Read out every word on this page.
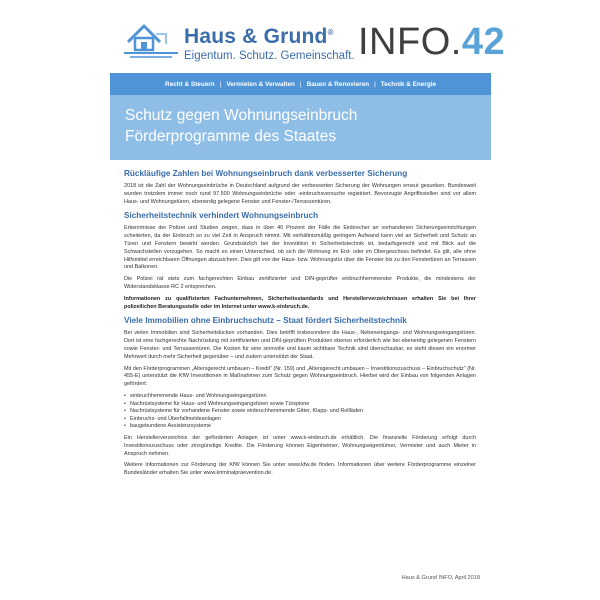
Haus & Grund®
Eigentum. Schutz. Gemeinschaft. INFO.42
Recht & Steuern | Vermieten & Verwalten | Bauen & Renovieren | Technik & Energie
Schutz gegen Wohnungseinbruch
Förderprogramme des Staates
Rückläufige Zahlen bei Wohnungseinbruch dank verbesserter Sicherung
2018 ist die Zahl der Wohnungseinbrüche in Deutschland aufgrund der verbesserten Sicherung der Wohnungen erneut gesunken. Bundesweit wurden trotzdem immer noch rund 97.500 Wohnungseinbrüche oder -einbruchsversuche registriert. Bevorzugte Angriffsstellen sind vor allem Haus- und Wohnungstüren, ebenerdig gelegene Fenster und Fenster-/Terrassentüren.
Sicherheitstechnik verhindert Wohnungseinbruch
Erkenntnisse der Polizei und Studien zeigen, dass in über 40 Prozent der Fälle die Einbrecher an vorhandenen Sicherungseinrichtungen scheiterten, da der Einbruch so zu viel Zeit in Anspruch nimmt. Mit verhältnismäßig geringem Aufwand kann viel an Sicherheit und Schutz an Türen und Fenstern bewirkt werden. Grundsätzlich bei der Investition in Sicherheitstechnik ist, bedarfsgerecht und mit Blick auf die Schwachstellen vorzugehen. So macht es einen Unterschied, ob sich die Wohnung im Erd- oder im Obergeschoss befindet. Es gilt, alle ohne Hilfsmittel erreichbaren Öffnungen abzusichern. Dies gilt von der Haus- bzw. Wohnungstür über die Fenster bis zu den Fenstertüren an Terrassen und Balkonen.
Die Polizei rät stets zum fachgerechten Einbau zertifizierter und DIN-geprüfter einbruchhemmender Produkte, die mindestens der Widerstandsklasse RC 2 entsprechen.
Informationen zu qualifizierten Fachunternehmen, Sicherheitsstandards und Herstellerverzeichnissen erhalten Sie bei Ihrer polizeilichen Beratungsstelle oder im Internet unter www.k-einbruch.de.
Viele Immobilien ohne Einbruchschutz – Staat fördert Sicherheitstechnik
Bei vielen Immobilien sind Sicherheitslücken vorhanden. Dies betrifft insbesondere die Haus-, Nebeneingangs- und Wohnungseingangstüren. Dort ist eine fachgerechte Nachrüstung mit zertifizierten und DIN-geprüften Produkten ebenso erforderlich wie bei ebenerdig gelegenen Fenstern sowie Fenster- und Terrassentüren. Die Kosten für eine sinnvolle und kaum sichtbare Technik sind überschaubar, es steht diesen ein enormer Mehrwert durch mehr Sicherheit gegenüber – und zudem unterstützt der Staat.
Mit den Förderprogrammen „Altersgerecht umbauen – Kredit“ (Nr. 159) und „Altersgerecht umbauen – Investitionszuschuss – Einbruchschutz“ (Nr. 455-E) unterstützt die KfW Investitionen in Maßnahmen zum Schutz gegen Wohnungseinbruch. Hierbei wird der Einbau von folgenden Anlagen gefördert:
• einbruchhemmende Haus- und Wohnungseingangstüren
• Nachrüstsysteme für Haus- und Wohnungseingangstüren sowie Türspione
• Nachrüstsysteme für vorhandene Fenster sowie einbruchhemmende Gitter, Klapp- und Rollläden
• Einbruchs- und Überfallmeldeanlagen
• baugebundene Assistenzsysteme
Ein Herstellerverzeichnis der geförderten Anlagen ist unter www.k-einbruch.de erhältlich. Die finanzielle Förderung erfolgt durch Investitionszuschuss oder zinsgünstige Kredite. Die Förderung können Eigenheimer, Wohnungseigentümer, Vermieter und auch Mieter in Anspruch nehmen.
Weitere Informationen zur Förderung der KfW können Sie unter www.kfw.de finden. Informationen über weitere Förderprogramme einzelner Bundesländer erhalten Sie unter www.kriminalpraevention.de.
Haus & Grund INFO, April 2018
